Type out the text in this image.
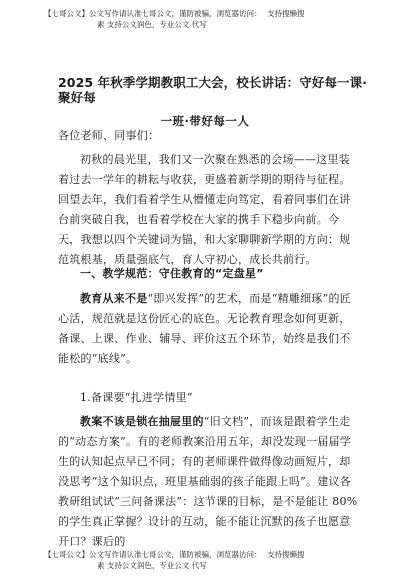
【七哥公文】公文写作请认准七哥公文，谨防被骗，浏览器访问： 支持搜懒搜
素 支持公文润色，专业公文 代写
2025 年秋季学期教职工大会，校长讲话：守好每一课·聚好每
一班·带好每一人
各位老师、同事们：
初秋的晨光里，我们又一次聚在熟悉的会场——这里装着过去一学年的耕耘与收获，更盛着新学期的期待与征程。回望去年，我们看着学生从懵懂走向笃定，看着同事们在讲台前突破自我，也看着学校在大家的携手下稳步向前。今天，我想以四个关键词为锚，和大家聊聊新学期的方向：规范筑根基，质量强底气，育人守初心，成长共前行。
一、教学规范：守住教育的“定盘星”
教育从来不是“即兴发挥”的艺术，而是“精雕细琢”的匠心活，规范就是这份匠心的底色。无论教育理念如何更新，备课、上课、作业、辅导、评价这五个环节，始终是我们不能松的“底线”。
1.备课要“扎进学情里”
教案不该是锁在抽屉里的“旧文档”，而该是跟着学生走的“动态方案”。有的老师教案沿用五年，却没发现一届届学生的认知起点早已不同；有的老师课件做得像动画短片，却没思考“这个知识点，班里基础弱的孩子能跟上吗”。建议各教研组试试“三问备课法”：这节课的目标，是不是能让 80%的学生真正掌握？设计的互动，能不能让沉默的孩子也愿意开口？课后的
【七哥公文】公文写作请认准七哥公文，谨防被骗，浏览器访问： 支持搜懒搜
素 支持公文润色，专业公文 代写
